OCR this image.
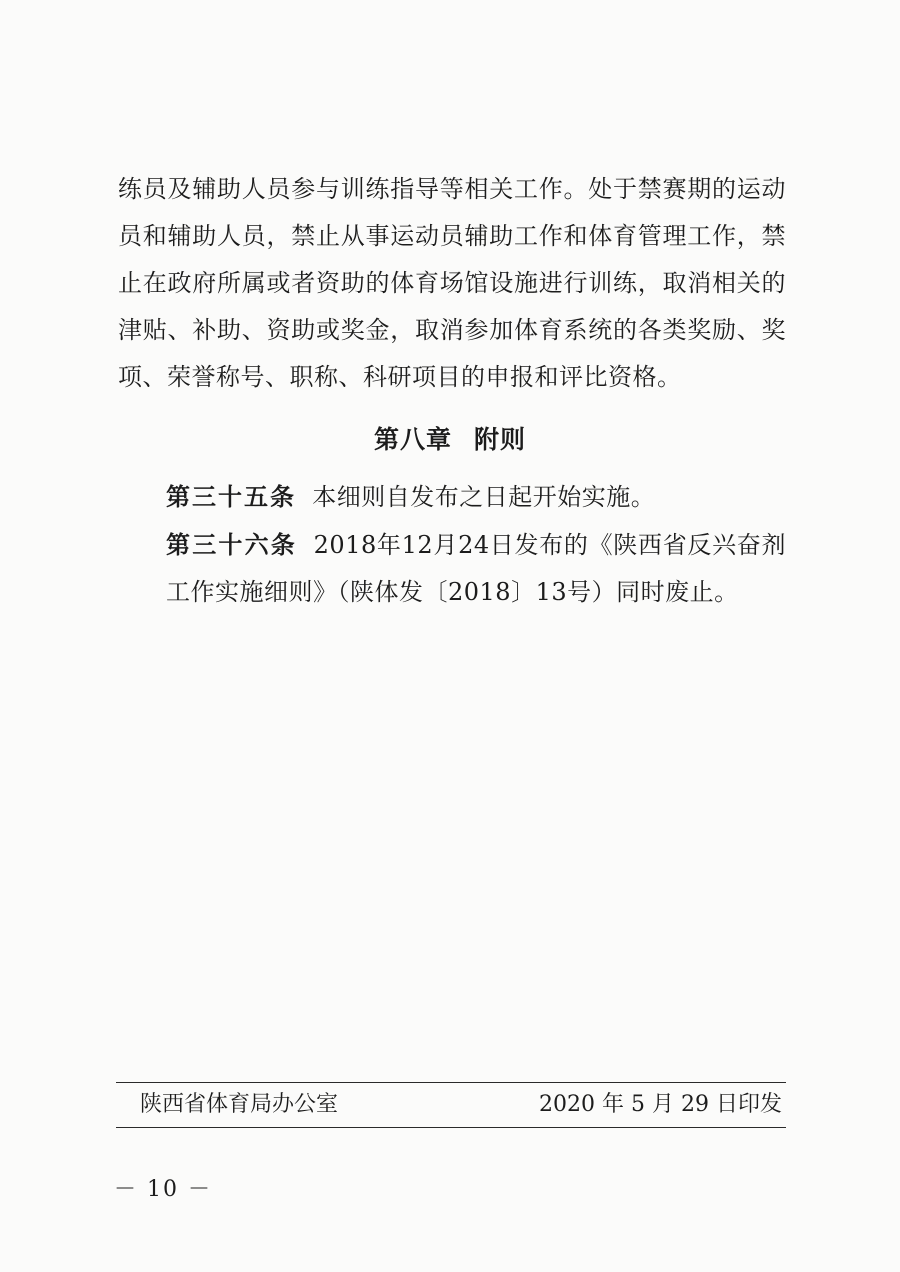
练员及辅助人员参与训练指导等相关工作。处于禁赛期的运动员和辅助人员，禁止从事运动员辅助工作和体育管理工作，禁止在政府所属或者资助的体育场馆设施进行训练，取消相关的津贴、补助、资助或奖金，取消参加体育系统的各类奖励、奖项、荣誉称号、职称、科研项目的申报和评比资格。

第八章 附则

第三十五条 本细则自发布之日起开始实施。

第三十六条 2018年12月24日发布的《陕西省反兴奋剂工作实施细则》（陕体发〔2018〕13号）同时废止。

陕西省体育局办公室	2020 年 5 月 29 日印发
－ 10 －
